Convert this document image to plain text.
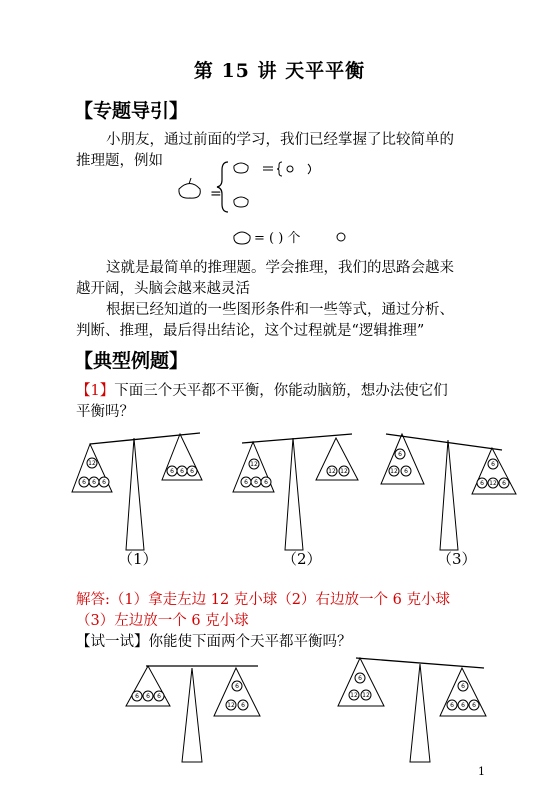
第 15 讲 天平平衡
【专题导引】
小朋友，通过前面的学习，我们已经掌握了比较简单的
推理题，例如
=
= ( ) 个
这就是最简单的推理题。学会推理，我们的思路会越来
越开阔，头脑会越来越灵活
根据已经知道的一些图形条件和一些等式，通过分析、
判断、推理，最后得出结论，这个过程就是“逻辑推理”
【典型例题】
【1】下面三个天平都不平衡，你能动脑筋，想办法使它们
平衡吗？
12
6 6 6
6 6 6
12
6 6 6
12 12
6
12 6
6
6 12 6
（1）	（2）	（3）
解答:（1）拿走左边 12 克小球（2）右边放一个 6 克小球
（3）左边放一个 6 克小球
【试一试】你能使下面两个天平都平衡吗？
6 6 6
6
12 6
6
12 12
6
6 6 6
1
